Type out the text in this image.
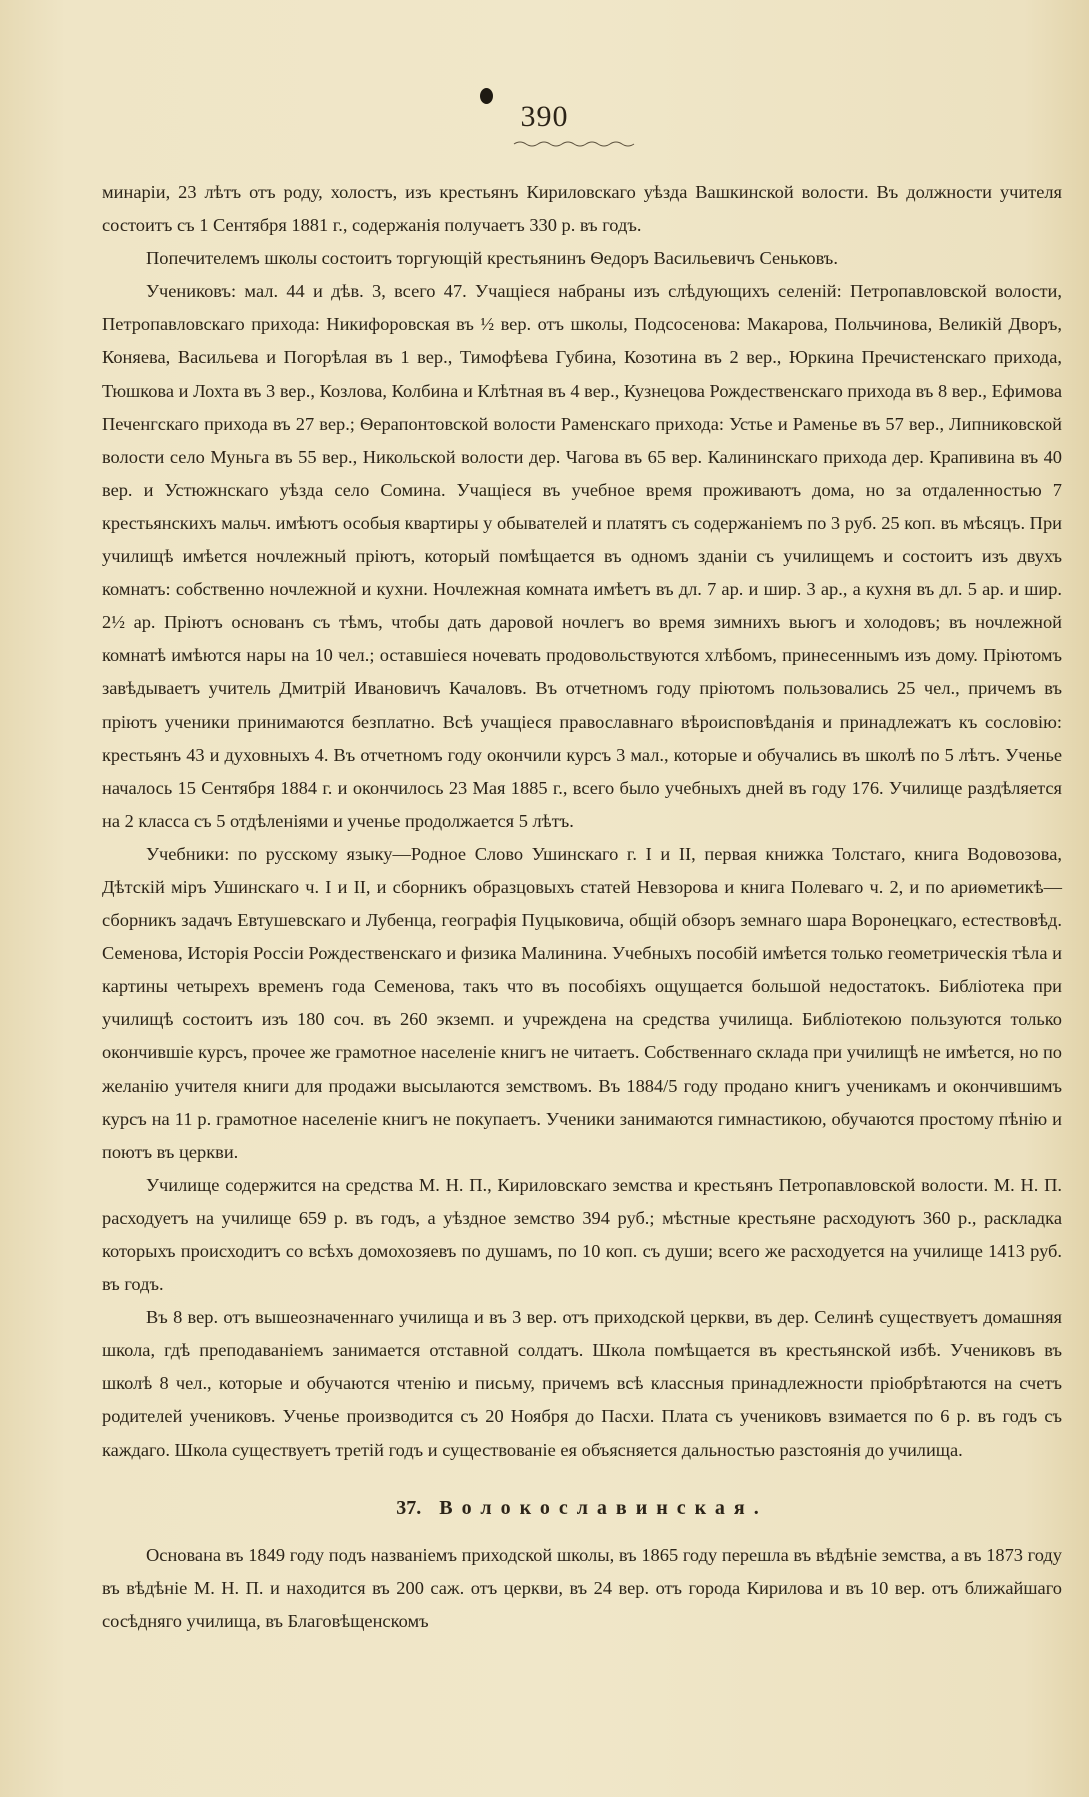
390

минаріи, 23 лѣтъ отъ роду, холостъ, изъ крестьянъ Кириловскаго уѣзда Вашкинской волости. Въ должности учителя состоитъ съ 1 Сентября 1881 г., содержанія получаетъ 330 р. въ годъ.

Попечителемъ школы состоитъ торгующій крестьянинъ Ѳедоръ Васильевичъ Сеньковъ.

Учениковъ: мал. 44 и дѣв. 3, всего 47. Учащіеся набраны изъ слѣдующихъ селеній: Петропавловской волости, Петропавловскаго прихода: Никифоровская въ ½ вер. отъ школы, Подсосенова: Макарова, Польчинова, Великій Дворъ, Коняева, Васильева и Погорѣлая въ 1 вер., Тимофѣева Губина, Козотина въ 2 вер., Юркина Пречистенскаго прихода, Тюшкова и Лохта въ 3 вер., Козлова, Колбина и Клѣтная въ 4 вер., Кузнецова Рождественскаго прихода въ 8 вер., Ефимова Печенгскаго прихода въ 27 вер.; Ѳерапонтовской волости Раменскаго прихода: Устье и Раменье въ 57 вер., Липниковской волости село Муньга въ 55 вер., Никольской волости дер. Чагова въ 65 вер. Калининскаго прихода дер. Крапивина въ 40 вер. и Устюжнскаго уѣзда село Сомина. Учащіеся въ учебное время проживаютъ дома, но за отдаленностью 7 крестьянскихъ мальч. имѣютъ особыя квартиры у обывателей и платятъ съ содержаніемъ по 3 руб. 25 коп. въ мѣсяцъ. При училищѣ имѣется ночлежный пріютъ, который помѣщается въ одномъ зданіи съ училищемъ и состоитъ изъ двухъ комнатъ: собственно ночлежной и кухни. Ночлежная комната имѣетъ въ дл. 7 ар. и шир. 3 ар., а кухня въ дл. 5 ар. и шир. 2½ ар. Пріютъ основанъ съ тѣмъ, чтобы дать даровой ночлегъ во время зимнихъ вьюгъ и холодовъ; въ ночлежной комнатѣ имѣются нары на 10 чел.; оставшіеся ночевать продовольствуются хлѣбомъ, принесеннымъ изъ дому. Пріютомъ завѣдываетъ учитель Дмитрій Ивановичъ Качаловъ. Въ отчетномъ году пріютомъ пользовались 25 чел., причемъ въ пріютъ ученики принимаются безплатно. Всѣ учащіеся православнаго вѣроисповѣданія и принадлежатъ къ сословію: крестьянъ 43 и духовныхъ 4. Въ отчетномъ году окончили курсъ 3 мал., которые и обучались въ школѣ по 5 лѣтъ. Ученье началось 15 Сентября 1884 г. и окончилось 23 Мая 1885 г., всего было учебныхъ дней въ году 176. Училище раздѣляется на 2 класса съ 5 отдѣленіями и ученье продолжается 5 лѣтъ.

Учебники: по русскому языку—Родное Слово Ушинскаго г. I и II, первая книжка Толстаго, книга Водовозова, Дѣтскій міръ Ушинскаго ч. I и II, и сборникъ образцовыхъ статей Невзорова и книга Полеваго ч. 2, и по ариѳметикѣ—сборникъ задачъ Евтушевскаго и Лубенца, географія Пуцыковича, общій обзоръ земнаго шара Воронецкаго, естествовѣд. Семенова, Исторія Россіи Рождественскаго и физика Малинина. Учебныхъ пособій имѣется только геометрическія тѣла и картины четырехъ временъ года Семенова, такъ что въ пособіяхъ ощущается большой недостатокъ. Библіотека при училищѣ состоитъ изъ 180 соч. въ 260 экземп. и учреждена на средства училища. Библіотекою пользуются только окончившіе курсъ, прочее же грамотное населеніе книгъ не читаетъ. Собственнаго склада при училищѣ не имѣется, но по желанію учителя книги для продажи высылаются земствомъ. Въ 1884/5 году продано книгъ ученикамъ и окончившимъ курсъ на 11 р. грамотное населеніе книгъ не покупаетъ. Ученики занимаются гимнастикою, обучаются простому пѣнію и поютъ въ церкви.

Училище содержится на средства М. Н. П., Кириловскаго земства и крестьянъ Петропавловской волости. М. Н. П. расходуетъ на училище 659 р. въ годъ, а уѣздное земство 394 руб.; мѣстные крестьяне расходуютъ 360 р., раскладка которыхъ происходитъ со всѣхъ домохозяевъ по душамъ, по 10 коп. съ души; всего же расходуется на училище 1413 руб. въ годъ.

Въ 8 вер. отъ вышеозначеннаго училища и въ 3 вер. отъ приходской церкви, въ дер. Селинѣ существуетъ домашняя школа, гдѣ преподаваніемъ занимается отставной солдатъ. Школа помѣщается въ крестьянской избѣ. Учениковъ въ школѣ 8 чел., которые и обучаются чтенію и письму, причемъ всѣ классныя принадлежности пріобрѣтаются на счетъ родителей учениковъ. Ученье производится съ 20 Ноября до Пасхи. Плата съ учениковъ взимается по 6 р. въ годъ съ каждаго. Школа существуетъ третій годъ и существованіе ея объясняется дальностью разстоянія до училища.

37. Волокославинская.

Основана въ 1849 году подъ названіемъ приходской школы, въ 1865 году перешла въ вѣдѣніе земства, а въ 1873 году въ вѣдѣніе М. Н. П. и находится въ 200 саж. отъ церкви, въ 24 вер. отъ города Кирилова и въ 10 вер. отъ ближайшаго сосѣдняго училища, въ Благовѣщенскомъ
